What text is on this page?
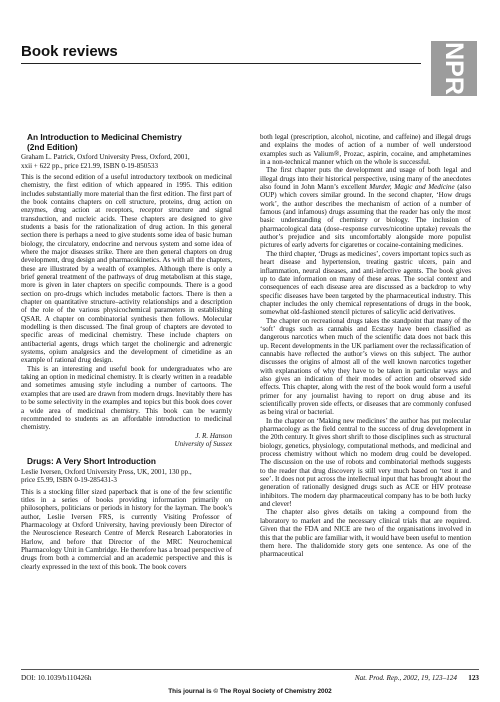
Book reviews	NPR

An Introduction to Medicinal Chemistry

(2nd Edition)

Graham L. Patrick, Oxford University Press, Oxford, 2001,
xxii + 622 pp., price £21.99, ISBN 0-19-850533

This is the second edition of a useful introductory textbook on medicinal chemistry, the first edition of which appeared in 1995. This edition includes substantially more material than the first edition. The first part of the book contains chapters on cell structure, proteins, drug action on enzymes, drug action at receptors, receptor structure and signal transduction, and nucleic acids. These chapters are designed to give students a basis for the rationalization of drug action. In this general section there is perhaps a need to give students some idea of basic human biology, the circulatory, endocrine and nervous system and some idea of where the major diseases strike. There are then general chapters on drug development, drug design and pharmacokinetics. As with all the chapters, these are illustrated by a wealth of examples. Although there is only a brief general treatment of the pathways of drug metabolism at this stage, more is given in later chapters on specific compounds. There is a good section on pro-drugs which includes metabolic factors. There is then a chapter on quantitative structure–activity relationships and a description of the role of the various physicochemical parameters in establishing QSAR. A chapter on combinatorial synthesis then follows. Molecular modelling is then discussed. The final group of chapters are devoted to specific areas of medicinal chemistry. These include chapters on antibacterial agents, drugs which target the cholinergic and adrenergic systems, opium analgesics and the development of cimetidine as an example of rational drug design.

This is an interesting and useful book for undergraduates who are taking an option in medicinal chemistry. It is clearly written in a readable and sometimes amusing style including a number of cartoons. The examples that are used are drawn from modern drugs. Inevitably there has to be some selectivity in the examples and topics but this book does cover a wide area of medicinal chemistry. This book can be warmly recommended to students as an affordable introduction to medicinal chemistry.

J. R. Hanson

University of Sussex

Drugs: A Very Short Introduction

Leslie Iversen, Oxford University Press, UK, 2001, 130 pp.,
price £5.99, ISBN 0-19-285431-3

This is a stocking filler sized paperback that is one of the few scientific titles in a series of books providing information primarily on philosophers, politicians or periods in history for the layman. The book’s author, Leslie Iversen FRS, is currently Visiting Professor of Pharmacology at Oxford University, having previously been Director of the Neuroscience Research Centre of Merck Research Laboratories in Harlow, and before that Director of the MRC Neurochemical Pharmacology Unit in Cambridge. He therefore has a broad perspective of drugs from both a commercial and an academic perspective and this is clearly expressed in the text of this book. The book covers

both legal (prescription, alcohol, nicotine, and caffeine) and illegal drugs and explains the modes of action of a number of well understood examples such as Valium®, Prozac, aspirin, cocaine, and amphetamines in a non-technical manner which on the whole is successful.

The first chapter puts the development and usage of both legal and illegal drugs into their historical perspective, using many of the anecdotes also found in John Mann’s excellent Murder, Magic and Medicine (also OUP) which covers similar ground. In the second chapter, ‘How drugs work’, the author describes the mechanism of action of a number of famous (and infamous) drugs assuming that the reader has only the most basic understanding of chemistry or biology. The inclusion of pharmacological data (dose–response curves/nicotine uptake) reveals the author’s prejudice and sits uncomfortably alongside more populist pictures of early adverts for cigarettes or cocaine-containing medicines.

The third chapter, ‘Drugs as medicines’, covers important topics such as heart disease and hypertension, treating gastric ulcers, pain and inflammation, neural diseases, and anti-infective agents. The book gives up to date information on many of these areas. The social context and consequences of each disease area are discussed as a backdrop to why specific diseases have been targeted by the pharmaceutical industry. This chapter includes the only chemical representations of drugs in the book, somewhat old-fashioned stencil pictures of salicylic acid derivatives.

The chapter on recreational drugs takes the standpoint that many of the ‘soft’ drugs such as cannabis and Ecstasy have been classified as dangerous narcotics when much of the scientific data does not back this up. Recent developments in the UK parliament over the reclassification of cannabis have reflected the author’s views on this subject. The author discusses the origins of almost all of the well known narcotics together with explanations of why they have to be taken in particular ways and also gives an indication of their modes of action and observed side effects. This chapter, along with the rest of the book would form a useful primer for any journalist having to report on drug abuse and its scientifically proven side effects, or diseases that are commonly confused as being viral or bacterial.

In the chapter on ‘Making new medicines’ the author has put molecular pharmacology as the field central to the success of drug development in the 20th century. It gives short shrift to those disciplines such as structural biology, genetics, physiology, computational methods, and medicinal and process chemistry without which no modern drug could be developed. The discussion on the use of robots and combinatorial methods suggests to the reader that drug discovery is still very much based on ‘test it and see’. It does not put across the intellectual input that has brought about the generation of rationally designed drugs such as ACE or HIV protease inhibitors. The modern day pharmaceutical company has to be both lucky and clever!

The chapter also gives details on taking a compound from the laboratory to market and the necessary clinical trials that are required. Given that the FDA and NICE are two of the organisations involved in this that the public are familiar with, it would have been useful to mention them here. The thalidomide story gets one sentence. As one of the pharmaceutical

DOI: 10.1039/b110426h	Nat. Prod. Rep., 2002, 19, 123–124 123
This journal is © The Royal Society of Chemistry 2002
